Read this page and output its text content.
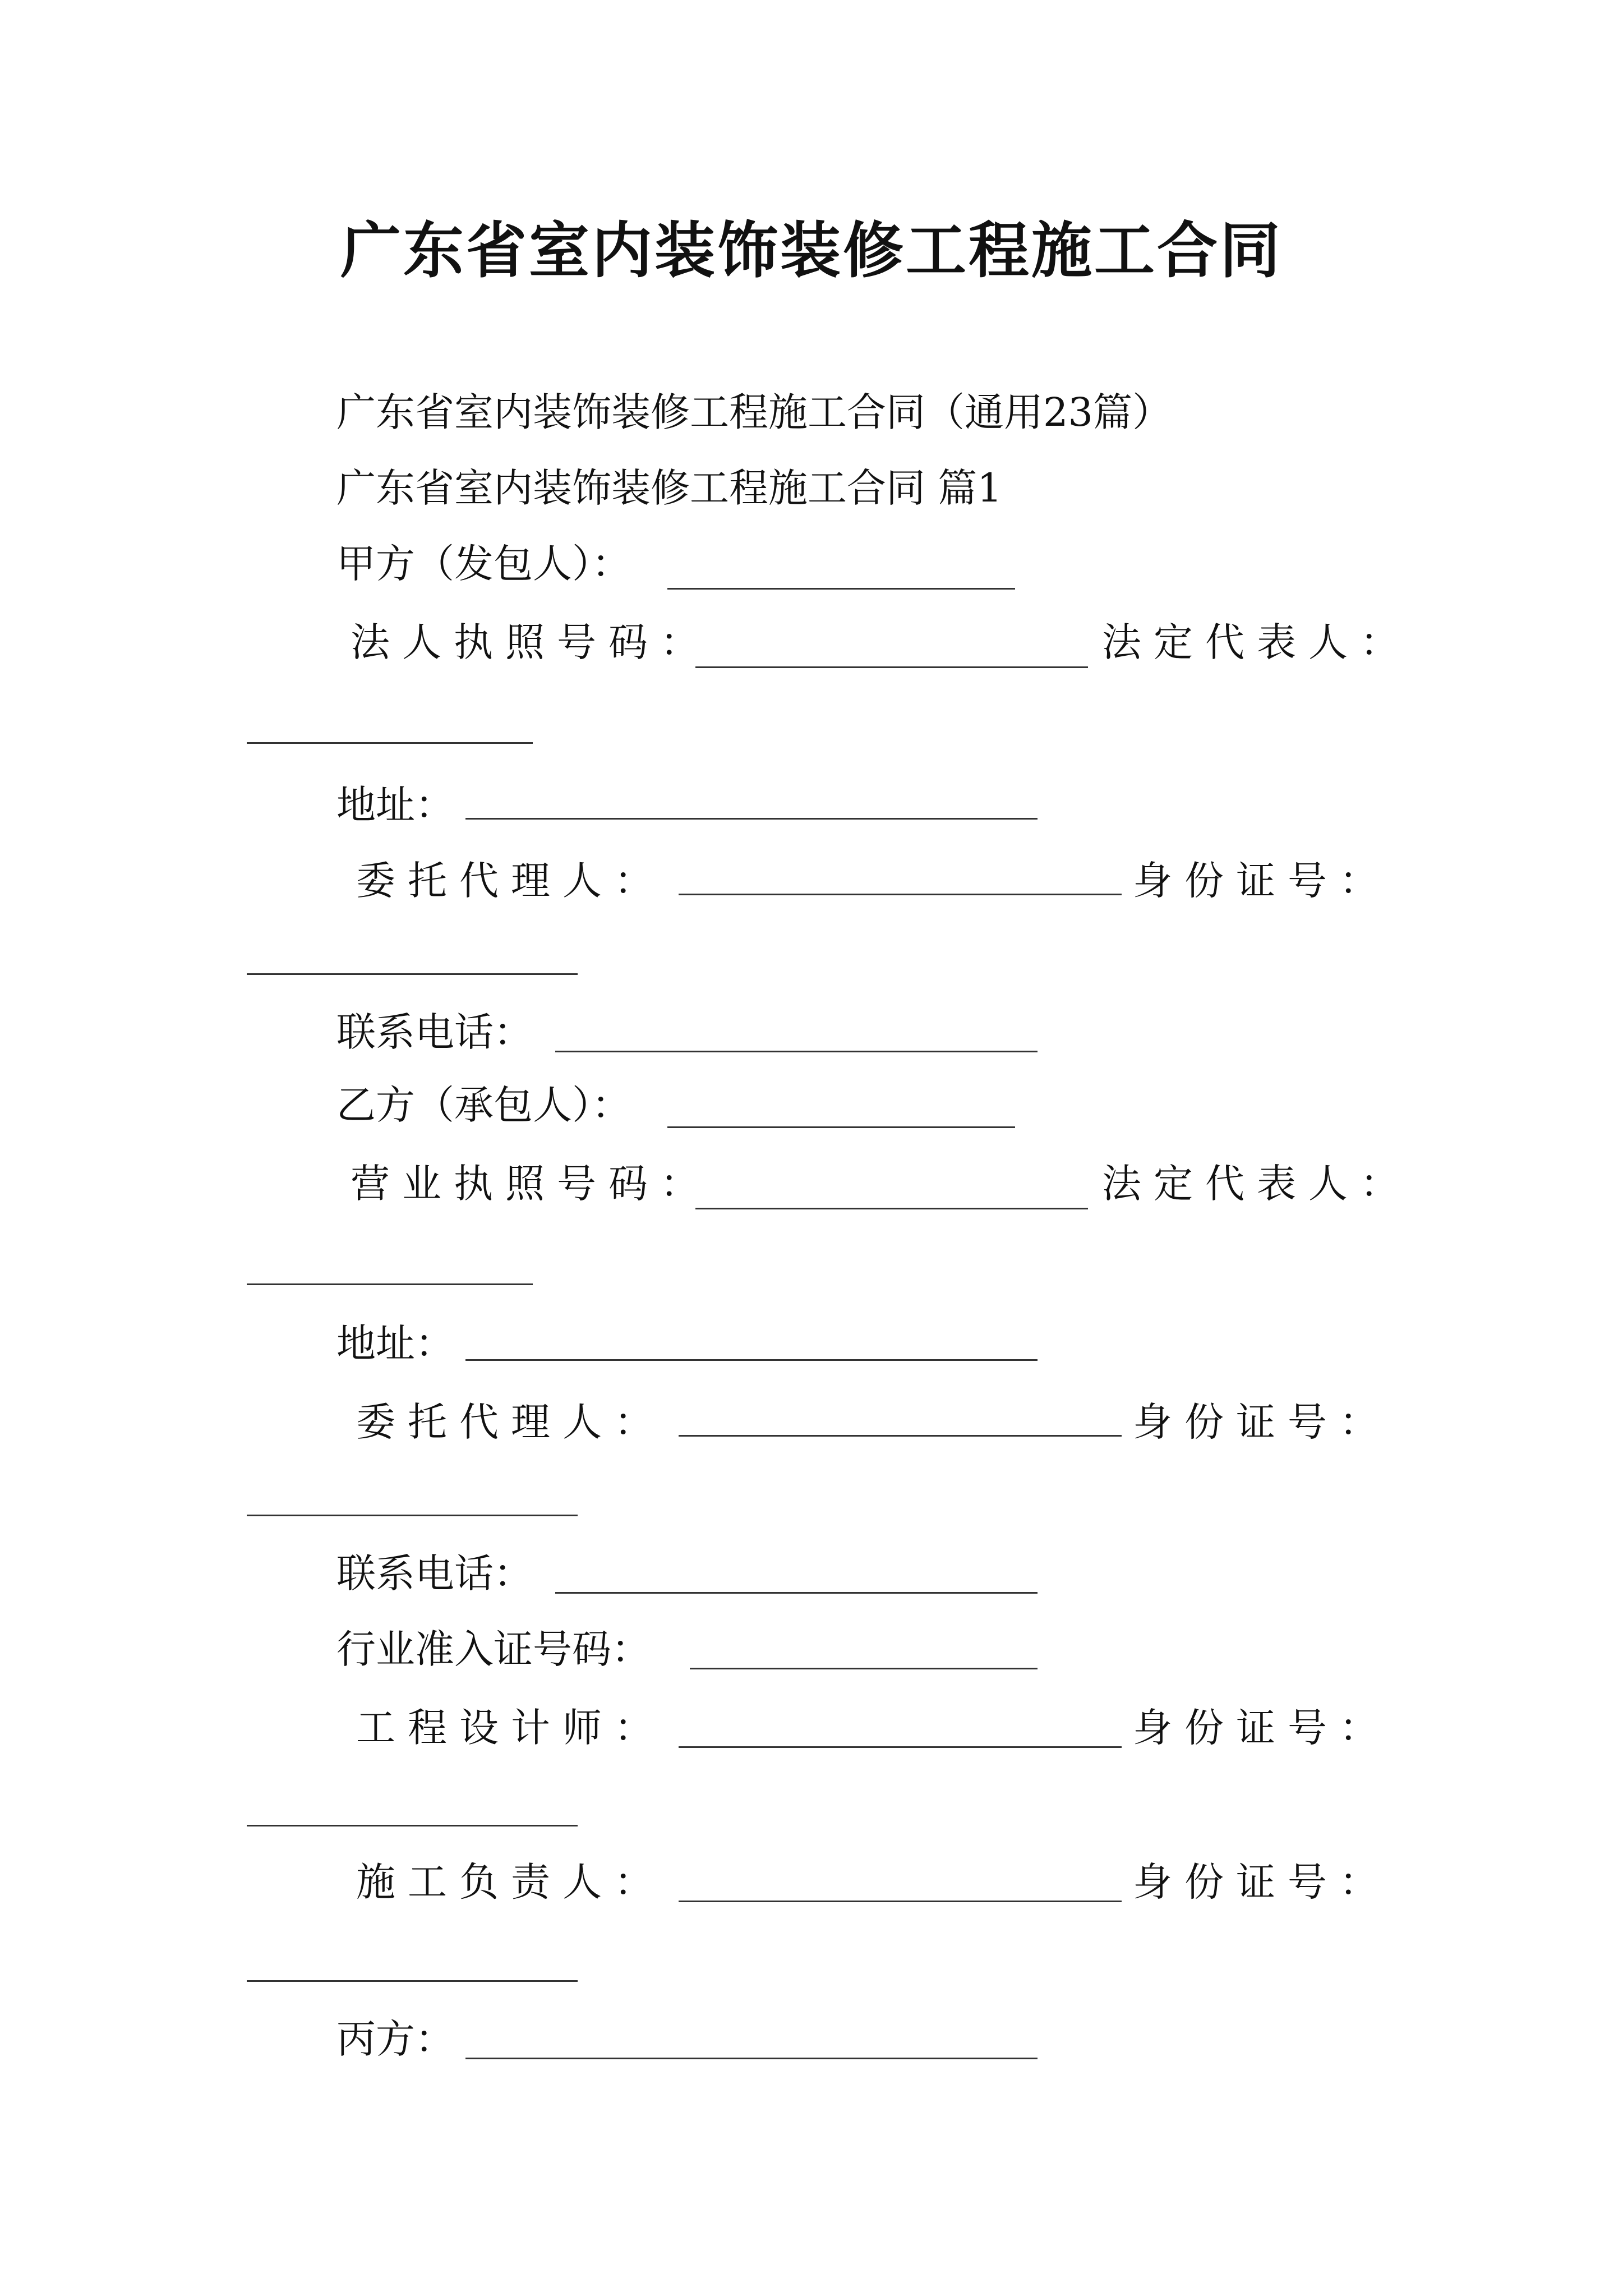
广东省室内装饰装修工程施工合同
广东省室内装饰装修工程施工合同（通用23篇）
广东省室内装饰装修工程施工合同 篇1
甲方（发包人）：
法人执照号码：	法定代表人：
地址：
委托代理人：	身份证号：
联系电话：
乙方（承包人）：
营业执照号码：	法定代表人：
地址：
委托代理人：	身份证号：
联系电话：
行业准入证号码：
工程设计师：	身份证号：
施工负责人：	身份证号：
丙方：
